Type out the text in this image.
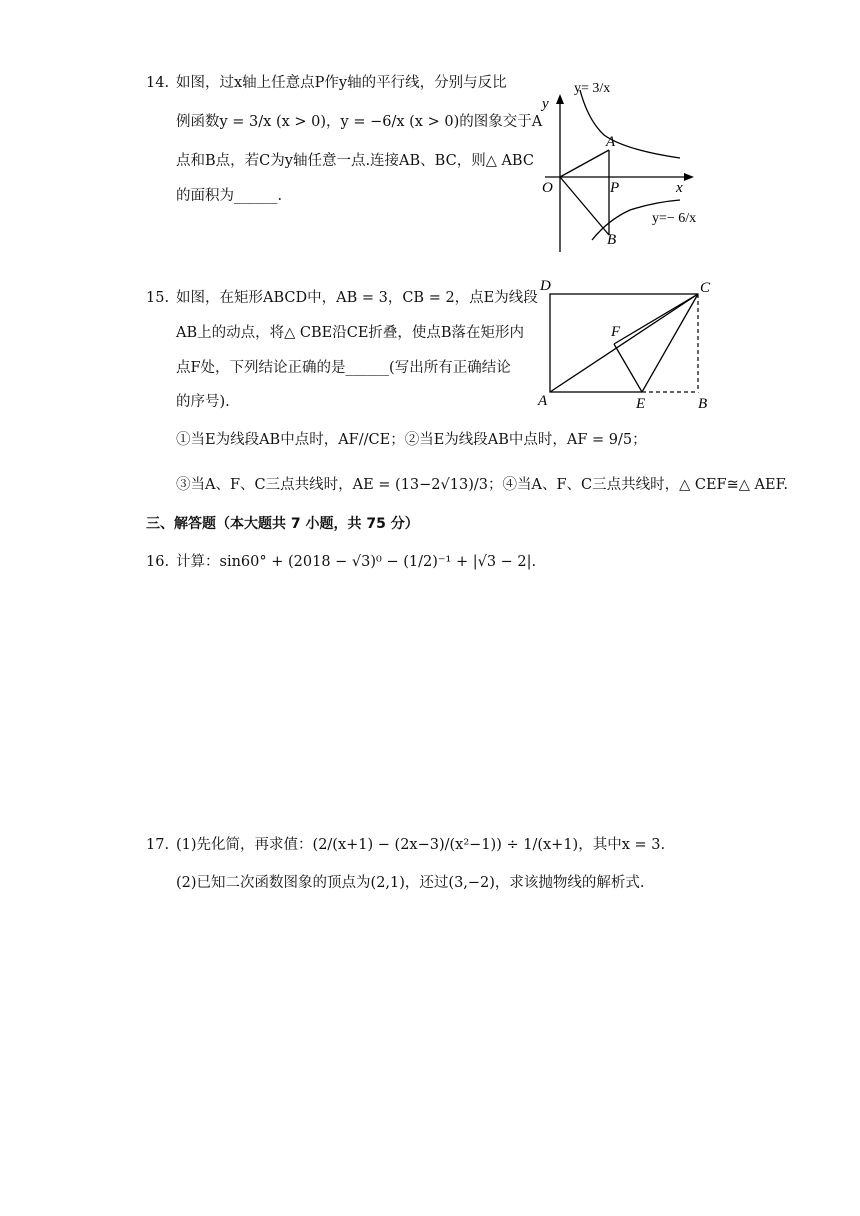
14. 如图，过x轴上任意点P作y轴的平行线，分别与反比
例函数y = 3/x (x > 0)，y = −6/x (x > 0)的图象交于A
点和B点，若C为y轴任意一点.连接AB、BC，则△ ABC
的面积为______.
y= 3/x
y=− 6/x
y
x
O
A
P
B
15. 如图，在矩形ABCD中，AB = 3，CB = 2，点E为线段
AB上的动点，将△ CBE沿CE折叠，使点B落在矩形内
点F处，下列结论正确的是______(写出所有正确结论
的序号).
D	C
F
A	E	B
①当E为线段AB中点时，AF//CE；②当E为线段AB中点时，AF = 9/5；
③当A、F、C三点共线时，AE = (13−2√13)/3；④当A、F、C三点共线时，△ CEF≅△ AEF.
三、解答题（本大题共 7 小题，共 75 分）
16. 计算：sin60° + (2018 − √3)⁰ − (1/2)⁻¹ + |√3 − 2|.
17. (1)先化简，再求值：(2/(x+1) − (2x−3)/(x²−1)) ÷ 1/(x+1)，其中x = 3.
(2)已知二次函数图象的顶点为(2,1)，还过(3,−2)，求该抛物线的解析式.
